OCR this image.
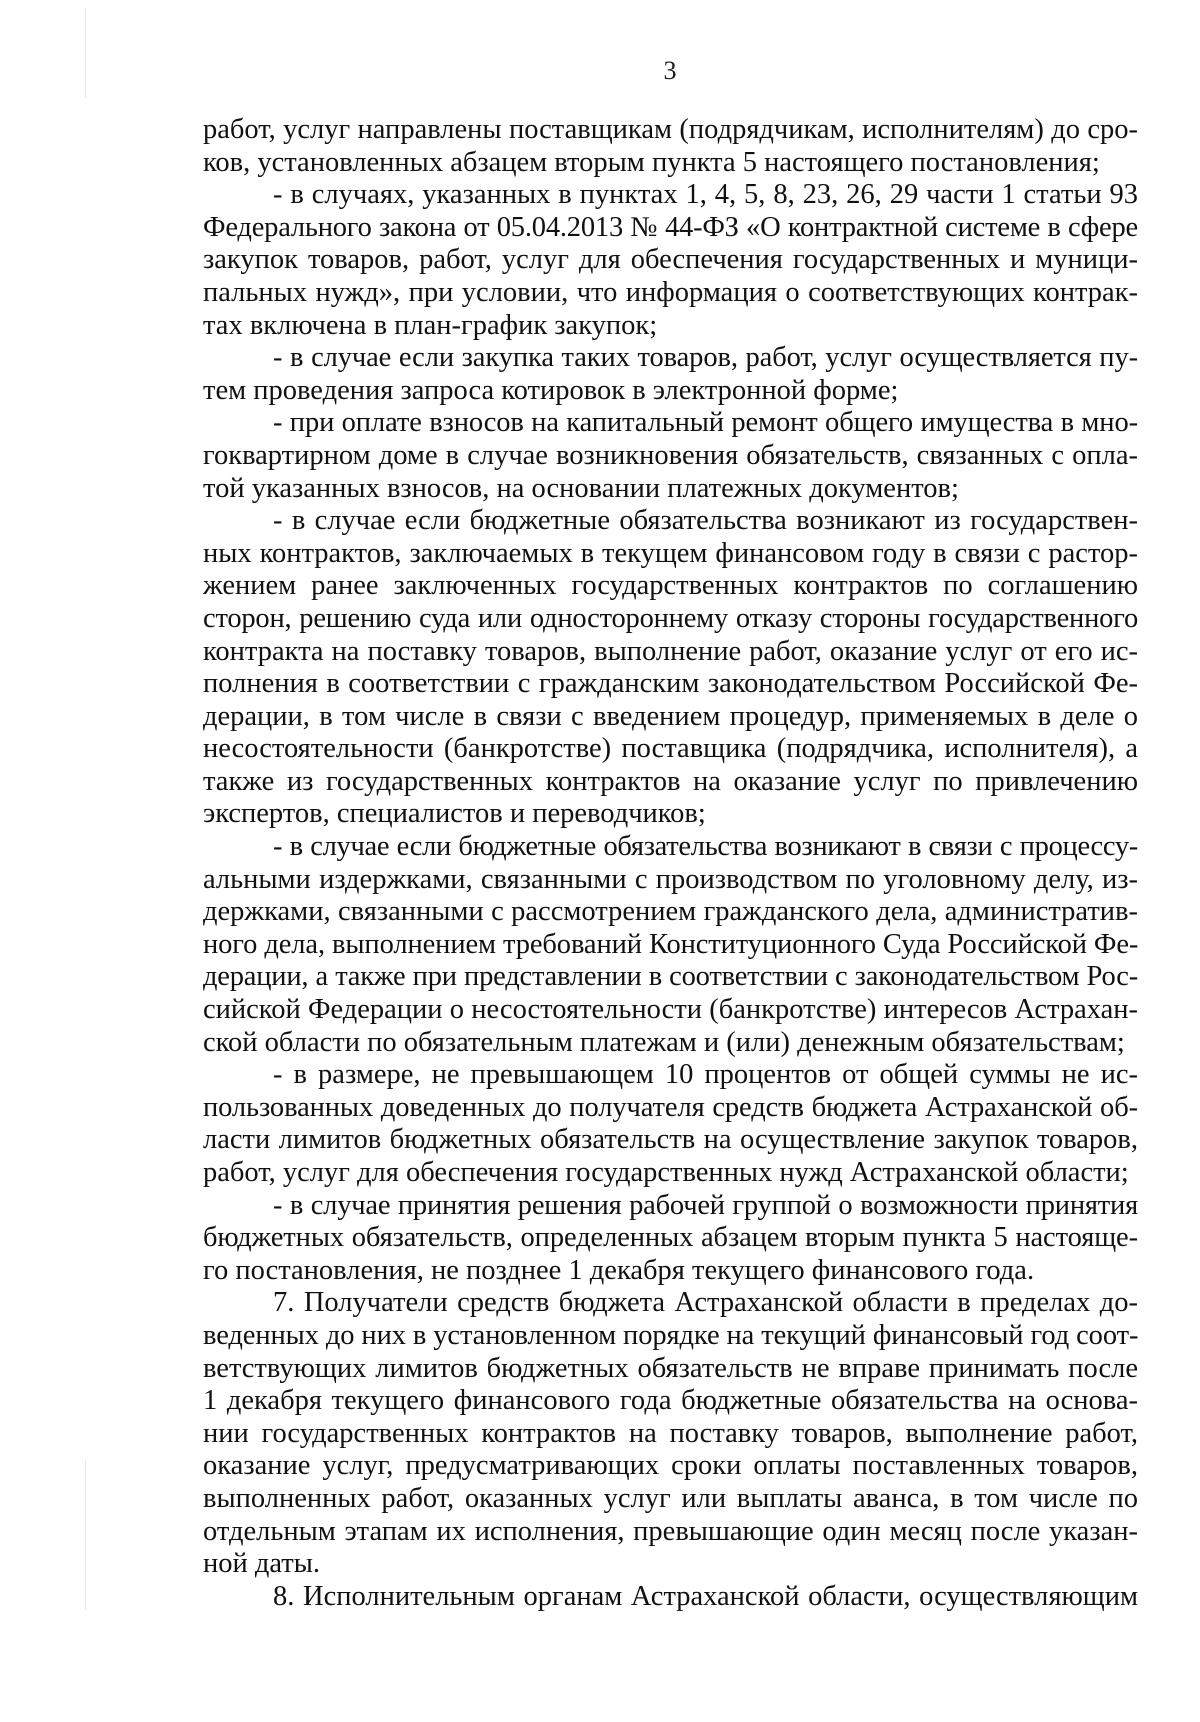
3
работ, услуг направлены поставщикам (подрядчикам, исполнителям) до сро-
ков, установленных абзацем вторым пункта 5 настоящего постановления;
- в случаях, указанных в пунктах 1, 4, 5, 8, 23, 26, 29 части 1 статьи 93
Федерального закона от 05.04.2013 № 44-ФЗ «О контрактной системе в сфере
закупок товаров, работ, услуг для обеспечения государственных и муници-
пальных нужд», при условии, что информация о соответствующих контрак-
тах включена в план-график закупок;
- в случае если закупка таких товаров, работ, услуг осуществляется пу-
тем проведения запроса котировок в электронной форме;
- при оплате взносов на капитальный ремонт общего имущества в мно-
гоквартирном доме в случае возникновения обязательств, связанных с опла-
той указанных взносов, на основании платежных документов;
- в случае если бюджетные обязательства возникают из государствен-
ных контрактов, заключаемых в текущем финансовом году в связи с растор-
жением ранее заключенных государственных контрактов по соглашению
сторон, решению суда или одностороннему отказу стороны государственного
контракта на поставку товаров, выполнение работ, оказание услуг от его ис-
полнения в соответствии с гражданским законодательством Российской Фе-
дерации, в том числе в связи с введением процедур, применяемых в деле о
несостоятельности (банкротстве) поставщика (подрядчика, исполнителя), а
также из государственных контрактов на оказание услуг по привлечению
экспертов, специалистов и переводчиков;
- в случае если бюджетные обязательства возникают в связи с процессу-
альными издержками, связанными с производством по уголовному делу, из-
держками, связанными с рассмотрением гражданского дела, административ-
ного дела, выполнением требований Конституционного Суда Российской Фе-
дерации, а также при представлении в соответствии с законодательством Рос-
сийской Федерации о несостоятельности (банкротстве) интересов Астрахан-
ской области по обязательным платежам и (или) денежным обязательствам;
- в размере, не превышающем 10 процентов от общей суммы не ис-
пользованных доведенных до получателя средств бюджета Астраханской об-
ласти лимитов бюджетных обязательств на осуществление закупок товаров,
работ, услуг для обеспечения государственных нужд Астраханской области;
- в случае принятия решения рабочей группой о возможности принятия
бюджетных обязательств, определенных абзацем вторым пункта 5 настояще-
го постановления, не позднее 1 декабря текущего финансового года.
7. Получатели средств бюджета Астраханской области в пределах до-
веденных до них в установленном порядке на текущий финансовый год соот-
ветствующих лимитов бюджетных обязательств не вправе принимать после
1 декабря текущего финансового года бюджетные обязательства на основа-
нии государственных контрактов на поставку товаров, выполнение работ,
оказание услуг, предусматривающих сроки оплаты поставленных товаров,
выполненных работ, оказанных услуг или выплаты аванса, в том числе по
отдельным этапам их исполнения, превышающие один месяц после указан-
ной даты.
8. Исполнительным органам Астраханской области, осуществляющим
